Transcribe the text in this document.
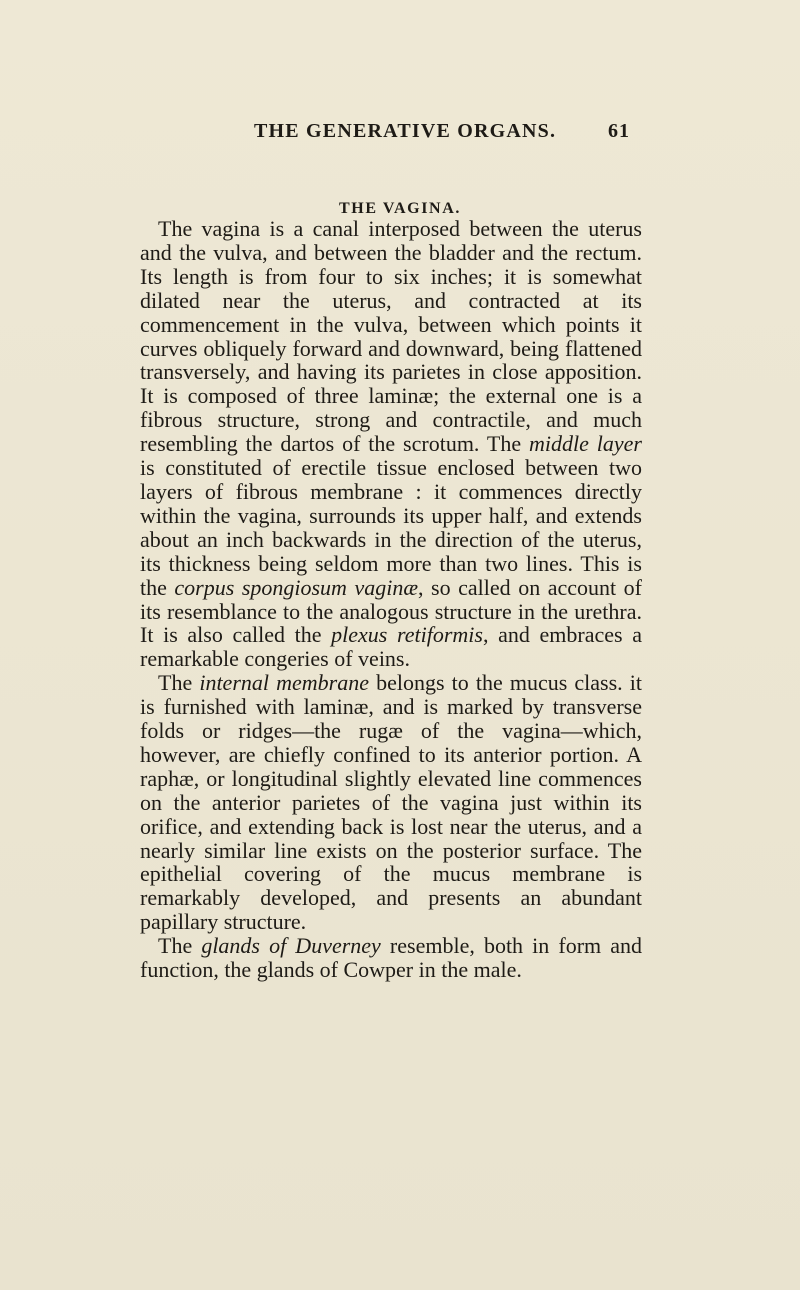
THE GENERATIVE ORGANS.	61
THE VAGINA.

The vagina is a canal interposed between the uterus and the vulva, and between the bladder and the rectum. Its length is from four to six inches; it is somewhat dilated near the uterus, and contracted at its commencement in the vulva, between which points it curves obliquely forward and downward, being flattened transversely, and having its parietes in close apposition. It is composed of three laminæ; the external one is a fibrous structure, strong and contractile, and much resembling the dartos of the scrotum. The middle layer is constituted of erectile tissue enclosed between two layers of fibrous membrane : it commences directly within the vagina, surrounds its upper half, and extends about an inch backwards in the direction of the uterus, its thickness being seldom more than two lines. This is the corpus spongiosum vaginæ, so called on account of its resemblance to the analogous structure in the urethra. It is also called the plexus retiformis, and embraces a remarkable congeries of veins.

The internal membrane belongs to the mucus class. it is furnished with laminæ, and is marked by transverse folds or ridges—the rugæ of the vagina—which, however, are chiefly confined to its anterior portion. A raphæ, or longitudinal slightly elevated line commences on the anterior parietes of the vagina just within its orifice, and extending back is lost near the uterus, and a nearly similar line exists on the posterior surface. The epithelial covering of the mucus membrane is remarkably developed, and presents an abundant papillary structure.

The glands of Duverney resemble, both in form and function, the glands of Cowper in the male.
